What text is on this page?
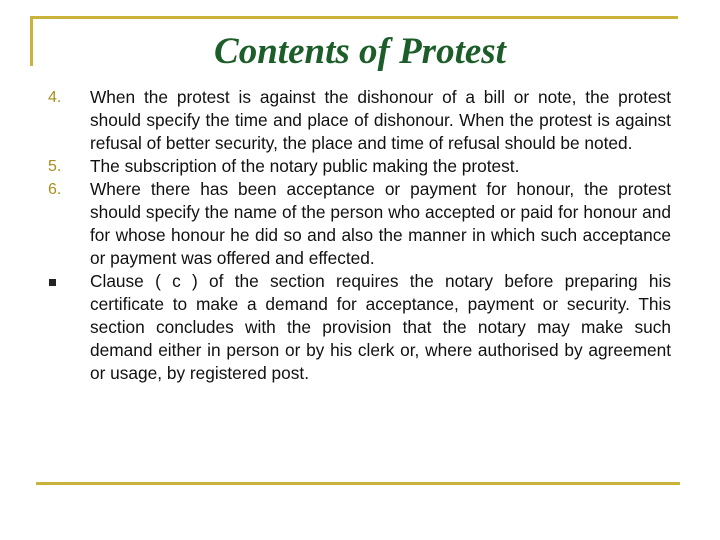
Contents of Protest
4. When the protest is against the dishonour of a bill or note, the protest should specify the time and place of dishonour. When the protest is against refusal of better security, the place and time of refusal should be noted.
5. The subscription of the notary public making the protest.
6. Where there has been acceptance or payment for honour, the protest should specify the name of the person who accepted or paid for honour and for whose honour he did so and also the manner in which such acceptance or payment was offered and effected.
Clause ( c ) of the section requires the notary before preparing his certificate to make a demand for acceptance, payment or security. This section concludes with the provision that the notary may make such demand either in person or by his clerk or, where authorised by agreement or usage, by registered post.
